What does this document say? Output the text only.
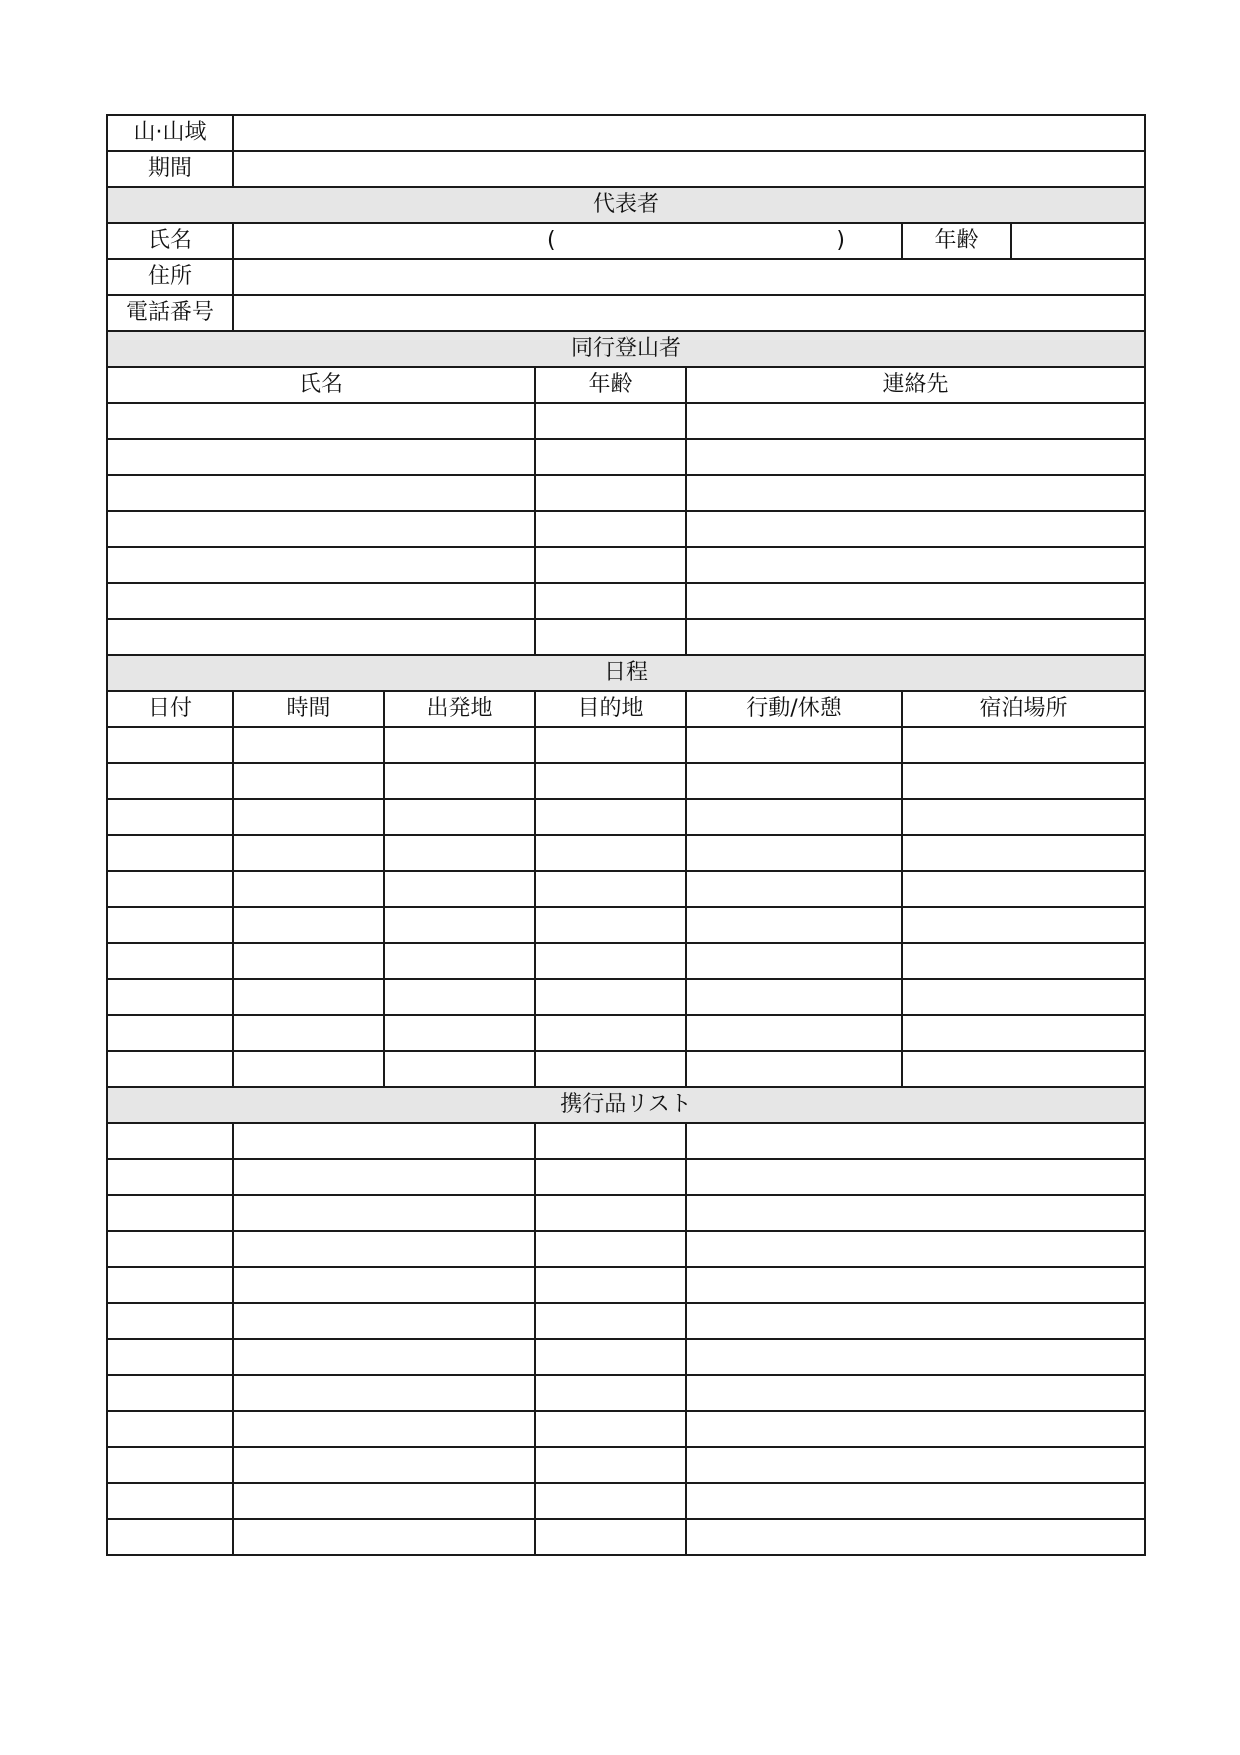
山·山域						
期間						
代表者						
氏名	( )				年齢	
住所						
電話番号						
同行登山者						
氏名			年齢	連絡先		

日程						
日付	時間	出発地	目的地	行動/休憩	宿泊場所	

携行品リスト						
